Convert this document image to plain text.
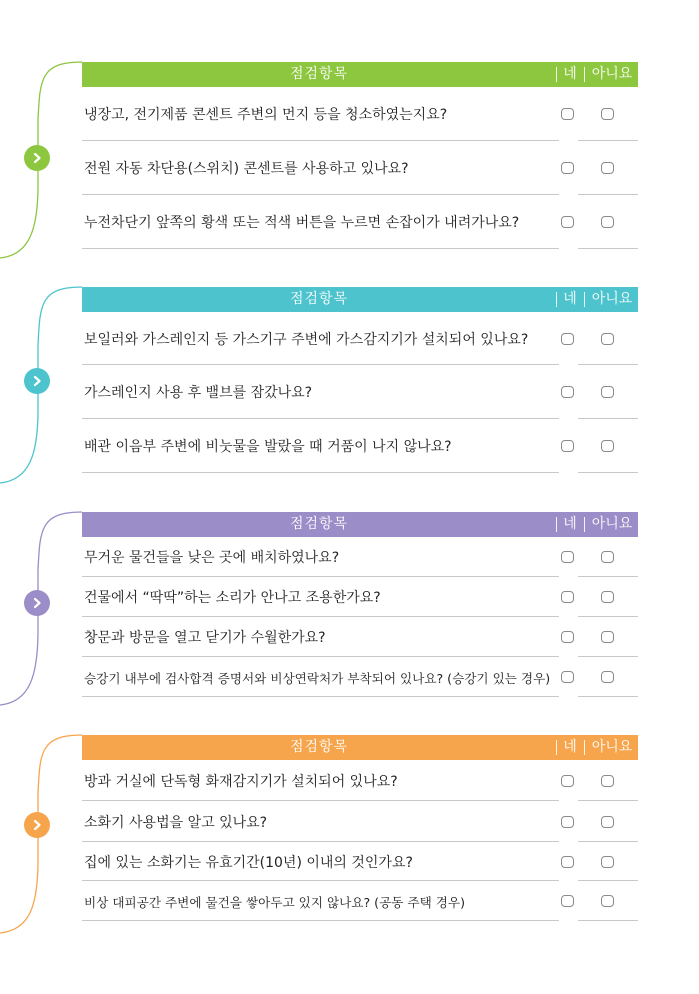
점검항목	네	아니요
냉장고, 전기제품 콘센트 주변의 먼지 등을 청소하였는지요?
전원 자동 차단용(스위치) 콘센트를 사용하고 있나요?
누전차단기 앞쪽의 황색 또는 적색 버튼을 누르면 손잡이가 내려가나요?
점검항목	네	아니요
보일러와 가스레인지 등 가스기구 주변에 가스감지기가 설치되어 있나요?
가스레인지 사용 후 밸브를 잠갔나요?
배관 이음부 주변에 비눗물을 발랐을 때 거품이 나지 않나요?
점검항목	네	아니요
무거운 물건들을 낮은 곳에 배치하였나요?
건물에서 “딱딱”하는 소리가 안나고 조용한가요?
창문과 방문을 열고 닫기가 수월한가요?
승강기 내부에 검사합격 증명서와 비상연락처가 부착되어 있나요? (승강기 있는 경우)
점검항목	네	아니요
방과 거실에 단독형 화재감지기가 설치되어 있나요?
소화기 사용법을 알고 있나요?
집에 있는 소화기는 유효기간(10년) 이내의 것인가요?
비상 대피공간 주변에 물건을 쌓아두고 있지 않나요? (공동 주택 경우)
